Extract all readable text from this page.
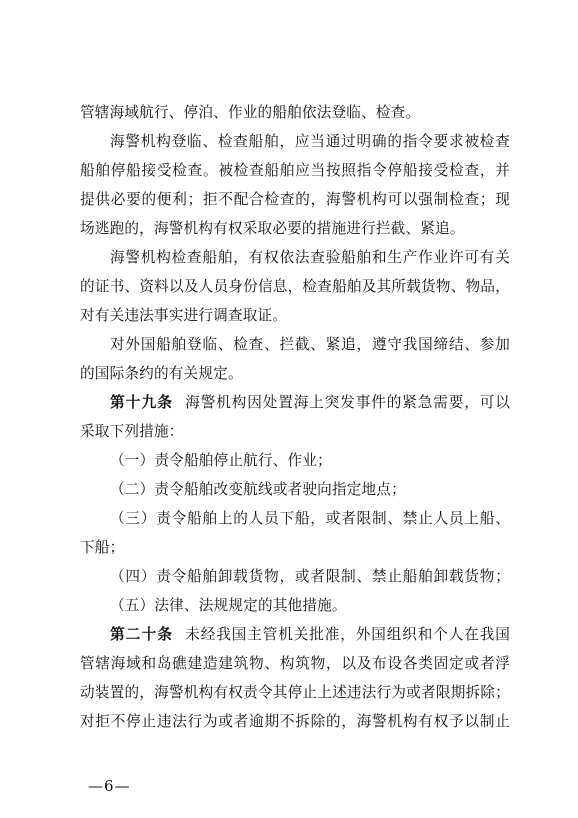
管辖海域航行、停泊、作业的船舶依法登临、检查。
海警机构登临、检查船舶，应当通过明确的指令要求被检查
船舶停船接受检查。被检查船舶应当按照指令停船接受检查，并
提供必要的便利；拒不配合检查的，海警机构可以强制检查；现
场逃跑的，海警机构有权采取必要的措施进行拦截、紧追。
海警机构检查船舶，有权依法查验船舶和生产作业许可有关
的证书、资料以及人员身份信息，检查船舶及其所载货物、物品，
对有关违法事实进行调查取证。
对外国船舶登临、检查、拦截、紧追，遵守我国缔结、参加
的国际条约的有关规定。
第十九条 海警机构因处置海上突发事件的紧急需要，可以
采取下列措施：
（一）责令船舶停止航行、作业；
（二）责令船舶改变航线或者驶向指定地点；
（三）责令船舶上的人员下船，或者限制、禁止人员上船、
下船；
（四）责令船舶卸载货物，或者限制、禁止船舶卸载货物；
（五）法律、法规规定的其他措施。
第二十条 未经我国主管机关批准，外国组织和个人在我国
管辖海域和岛礁建造建筑物、构筑物，以及布设各类固定或者浮
动装置的，海警机构有权责令其停止上述违法行为或者限期拆除；
对拒不停止违法行为或者逾期不拆除的，海警机构有权予以制止
—6—
